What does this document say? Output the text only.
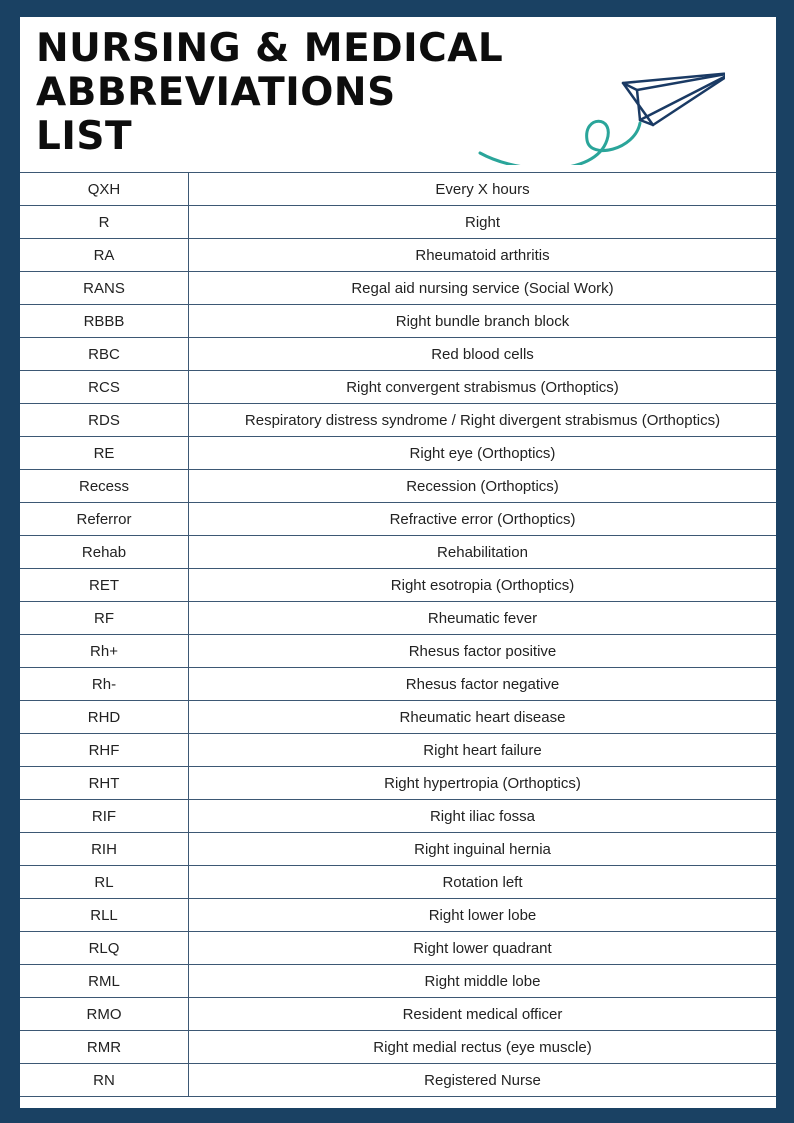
NURSING & MEDICAL
ABBREVIATIONS
LIST
QXH	Every X hours
R	Right
RA	Rheumatoid arthritis
RANS	Regal aid nursing service (Social Work)
RBBB	Right bundle branch block
RBC	Red blood cells
RCS	Right convergent strabismus (Orthoptics)
RDS	Respiratory distress syndrome / Right divergent strabismus (Orthoptics)
RE	Right eye (Orthoptics)
Recess	Recession (Orthoptics)
Referror	Refractive error (Orthoptics)
Rehab	Rehabilitation
RET	Right esotropia (Orthoptics)
RF	Rheumatic fever
Rh+	Rhesus factor positive
Rh-	Rhesus factor negative
RHD	Rheumatic heart disease
RHF	Right heart failure
RHT	Right hypertropia (Orthoptics)
RIF	Right iliac fossa
RIH	Right inguinal hernia
RL	Rotation left
RLL	Right lower lobe
RLQ	Right lower quadrant
RML	Right middle lobe
RMO	Resident medical officer
RMR	Right medial rectus (eye muscle)
RN	Registered Nurse
